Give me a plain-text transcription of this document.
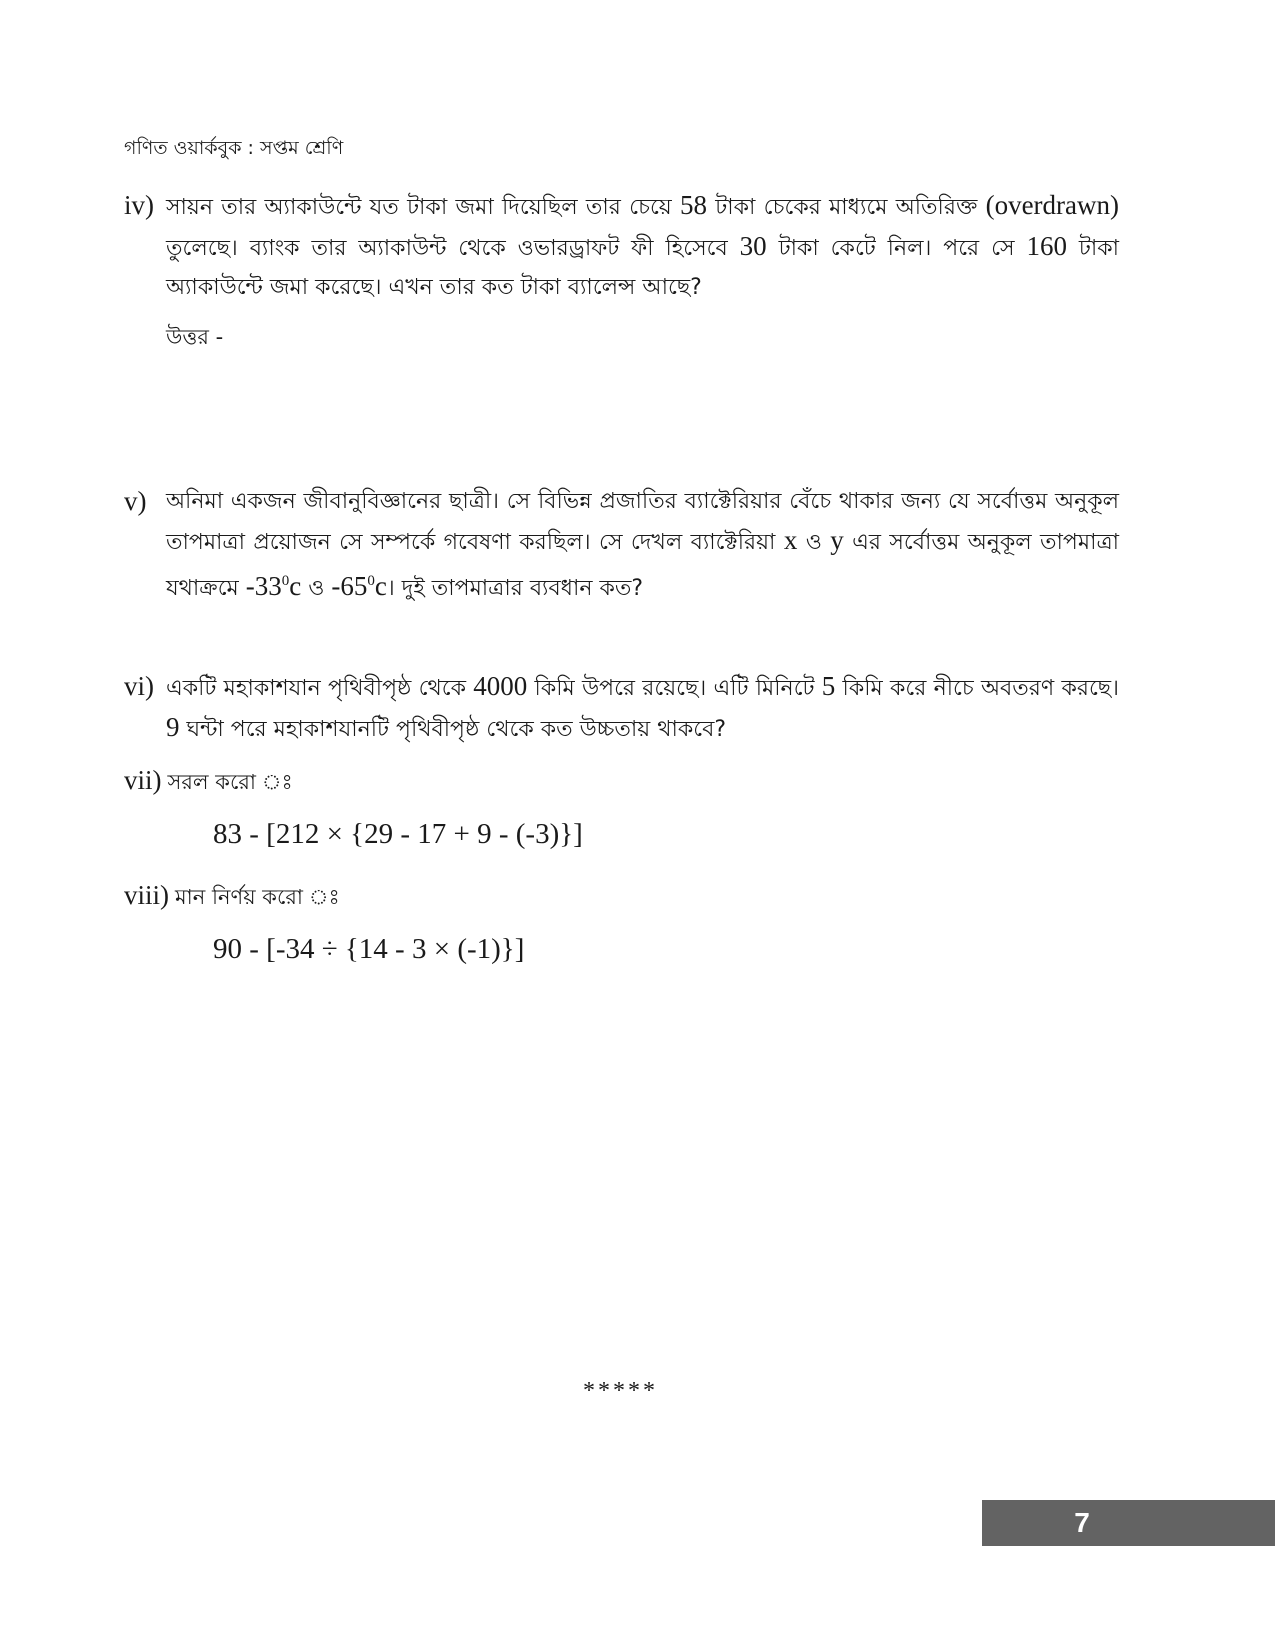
গণিত ওয়ার্কবুক : সপ্তম শ্রেণি
iv) সায়ন তার অ্যাকাউন্টে যত টাকা জমা দিয়েছিল তার চেয়ে 58 টাকা চেকের মাধ্যমে অতিরিক্ত (overdrawn) তুলেছে। ব্যাংক তার অ্যাকাউন্ট থেকে ওভারড্রাফট ফী হিসেবে 30 টাকা কেটে নিল। পরে সে 160 টাকা অ্যাকাউন্টে জমা করেছে। এখন তার কত টাকা ব্যালেন্স আছে?
উত্তর -
v) অনিমা একজন জীবানুবিজ্ঞানের ছাত্রী। সে বিভিন্ন প্রজাতির ব্যাক্টেরিয়ার বেঁচে থাকার জন্য যে সর্বোত্তম অনুকূল তাপমাত্রা প্রয়োজন সে সম্পর্কে গবেষণা করছিল। সে দেখল ব্যাক্টেরিয়া x ও y এর সর্বোত্তম অনুকূল তাপমাত্রা যথাক্রমে $-33^0c$ ও $-65^0c।$ দুই তাপমাত্রার ব্যবধান কত?
vi) একটি মহাকাশযান পৃথিবীপৃষ্ঠ থেকে 4000 কিমি উপরে রয়েছে। এটি মিনিটে 5 কিমি করে নীচে অবতরণ করছে। 9 ঘন্টা পরে মহাকাশযানটি পৃথিবীপৃষ্ঠ থেকে কত উচ্চতায় থাকবে?
vii) সরল করো ঃ
83 - [212 × {29 - 17 + 9 - (-3)}]
viii) মান নির্ণয় করো ঃ
90 - [-34 ÷ {14 - 3 × (-1)}]
*****
7
